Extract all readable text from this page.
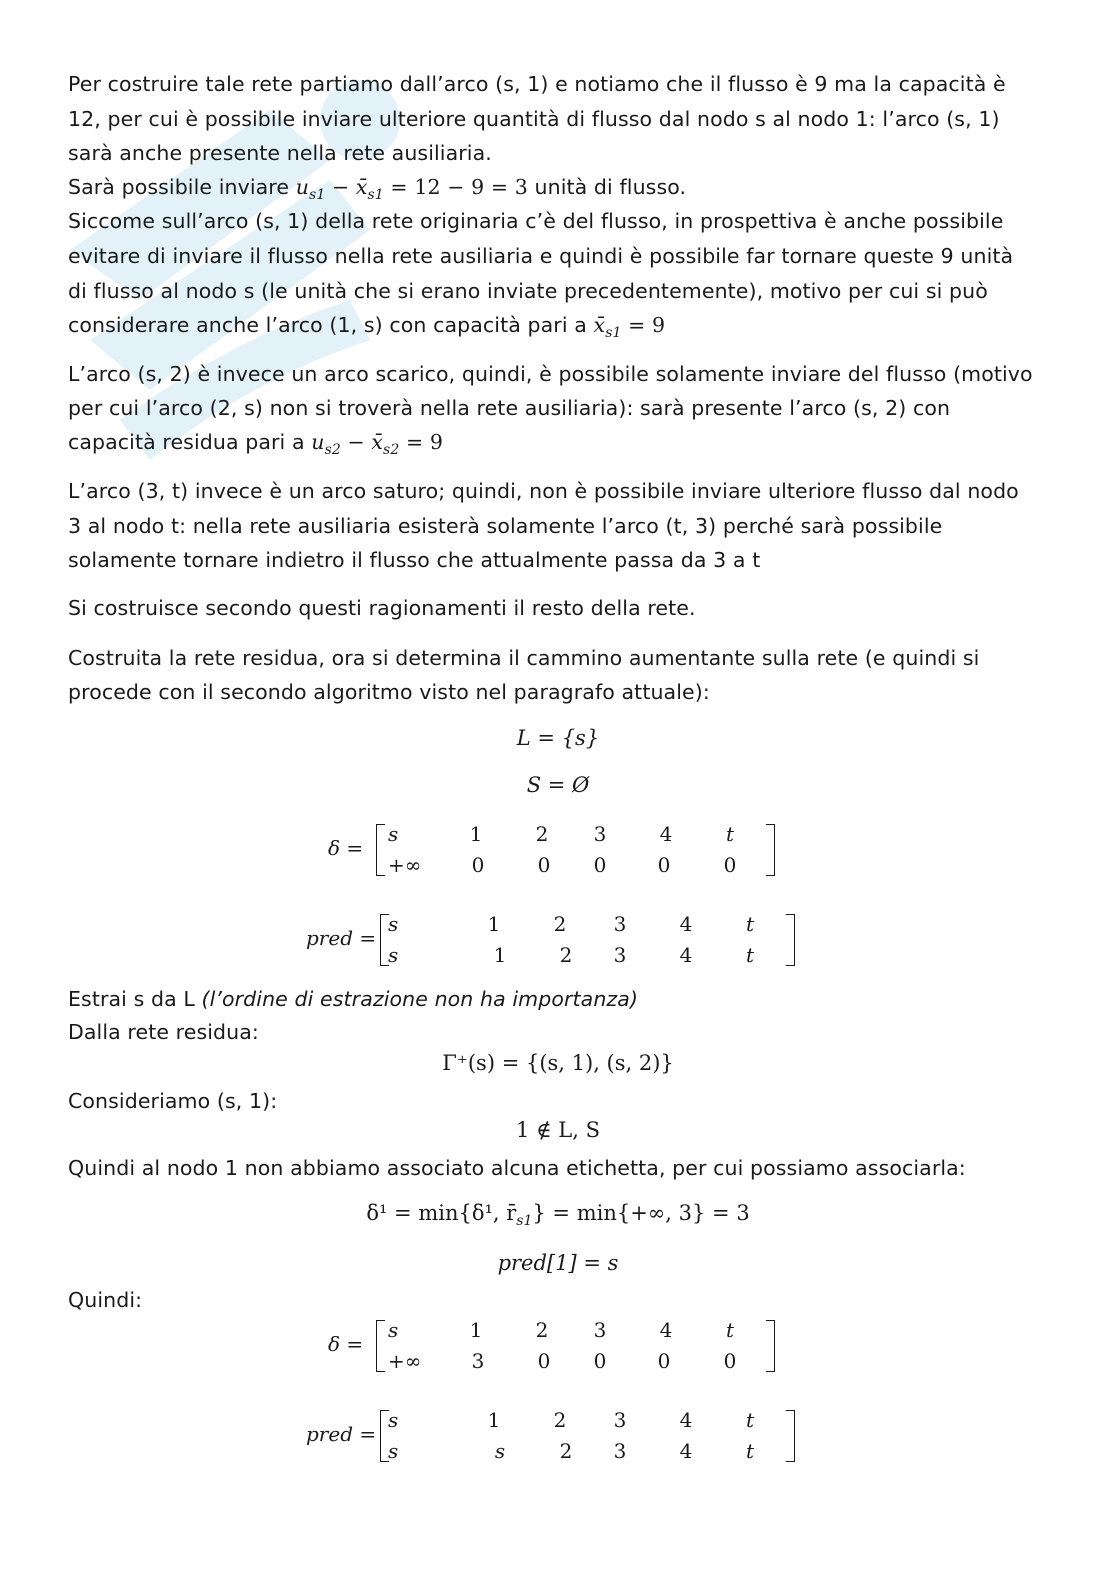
Per costruire tale rete partiamo dall’arco (s, 1) e notiamo che il flusso è 9 ma la capacità è
12, per cui è possibile inviare ulteriore quantità di flusso dal nodo s al nodo 1: l’arco (s, 1)
sarà anche presente nella rete ausiliaria.
Sarà possibile inviare $u_{s1}$ − $x̄_{s1} = 12 - 9 = 3$ unità di flusso.
Siccome sull’arco (s, 1) della rete originaria c’è del flusso, in prospettiva è anche possibile
evitare di inviare il flusso nella rete ausiliaria e quindi è possibile far tornare queste 9 unità
di flusso al nodo s (le unità che si erano inviate precedentemente), motivo per cui si può
considerare anche l’arco (1, s) con capacità pari a $x̄_{s1} = 9$
L’arco (s, 2) è invece un arco scarico, quindi, è possibile solamente inviare del flusso (motivo
per cui l’arco (2, s) non si troverà nella rete ausiliaria): sarà presente l’arco (s, 2) con
capacità residua pari a $u_{s2}$ − $x̄_{s2} = 9$
L’arco (3, t) invece è un arco saturo; quindi, non è possibile inviare ulteriore flusso dal nodo
3 al nodo t: nella rete ausiliaria esisterà solamente l’arco (t, 3) perché sarà possibile
solamente tornare indietro il flusso che attualmente passa da 3 a t
Si costruisce secondo questi ragionamenti il resto della rete.
Costruita la rete residua, ora si determina il cammino aumentante sulla rete (e quindi si
procede con il secondo algoritmo visto nel paragrafo attuale):
L = {s}
S = Ø
δ =
s	1	2	3	4	t
+∞	0	0	0	0	0
pred =
s	1	2	3	4	t
s	1	2	3	4	t
Estrai s da L (l’ordine di estrazione non ha importanza)
Dalla rete residua:
Γ⁺(s) = {(s, 1), (s, 2)}
Consideriamo (s, 1):
1 ∉ L, S
Quindi al nodo 1 non abbiamo associato alcuna etichetta, per cui possiamo associarla:
δ¹ = min{δ¹, $r̄_{s1}\} = \min\{+\infty$, 3} = 3
pred[1] = s
Quindi:
δ =
s	1	2	3	4	t
+∞	3	0	0	0	0
pred =
s	1	2	3	4	t
s	s	2	3	4	t
